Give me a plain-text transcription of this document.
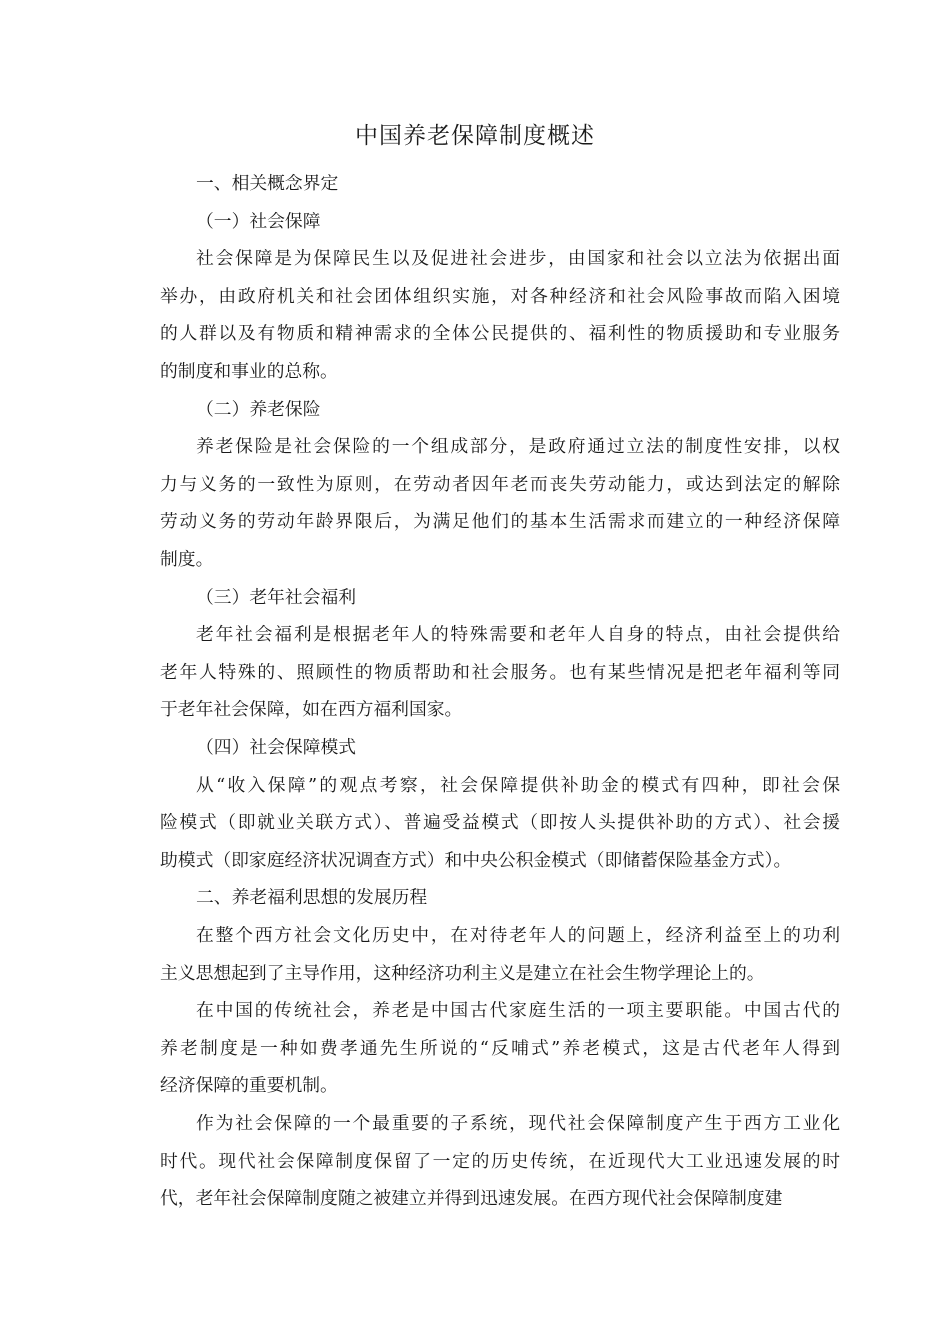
中国养老保障制度概述
一、相关概念界定
（一）社会保障
社会保障是为保障民生以及促进社会进步，由国家和社会以立法为依据出面
举办，由政府机关和社会团体组织实施，对各种经济和社会风险事故而陷入困境
的人群以及有物质和精神需求的全体公民提供的、福利性的物质援助和专业服务
的制度和事业的总称。
（二）养老保险
养老保险是社会保险的一个组成部分，是政府通过立法的制度性安排，以权
力与义务的一致性为原则，在劳动者因年老而丧失劳动能力，或达到法定的解除
劳动义务的劳动年龄界限后，为满足他们的基本生活需求而建立的一种经济保障
制度。
（三）老年社会福利
老年社会福利是根据老年人的特殊需要和老年人自身的特点，由社会提供给
老年人特殊的、照顾性的物质帮助和社会服务。也有某些情况是把老年福利等同
于老年社会保障，如在西方福利国家。
（四）社会保障模式
从“收入保障”的观点考察，社会保障提供补助金的模式有四种，即社会保
险模式（即就业关联方式）、普遍受益模式（即按人头提供补助的方式）、社会援
助模式（即家庭经济状况调查方式）和中央公积金模式（即储蓄保险基金方式）。
二、养老福利思想的发展历程
在整个西方社会文化历史中，在对待老年人的问题上，经济利益至上的功利
主义思想起到了主导作用，这种经济功利主义是建立在社会生物学理论上的。
在中国的传统社会，养老是中国古代家庭生活的一项主要职能。中国古代的
养老制度是一种如费孝通先生所说的“反哺式”养老模式，这是古代老年人得到
经济保障的重要机制。
作为社会保障的一个最重要的子系统，现代社会保障制度产生于西方工业化
时代。现代社会保障制度保留了一定的历史传统，在近现代大工业迅速发展的时
代，老年社会保障制度随之被建立并得到迅速发展。在西方现代社会保障制度建
